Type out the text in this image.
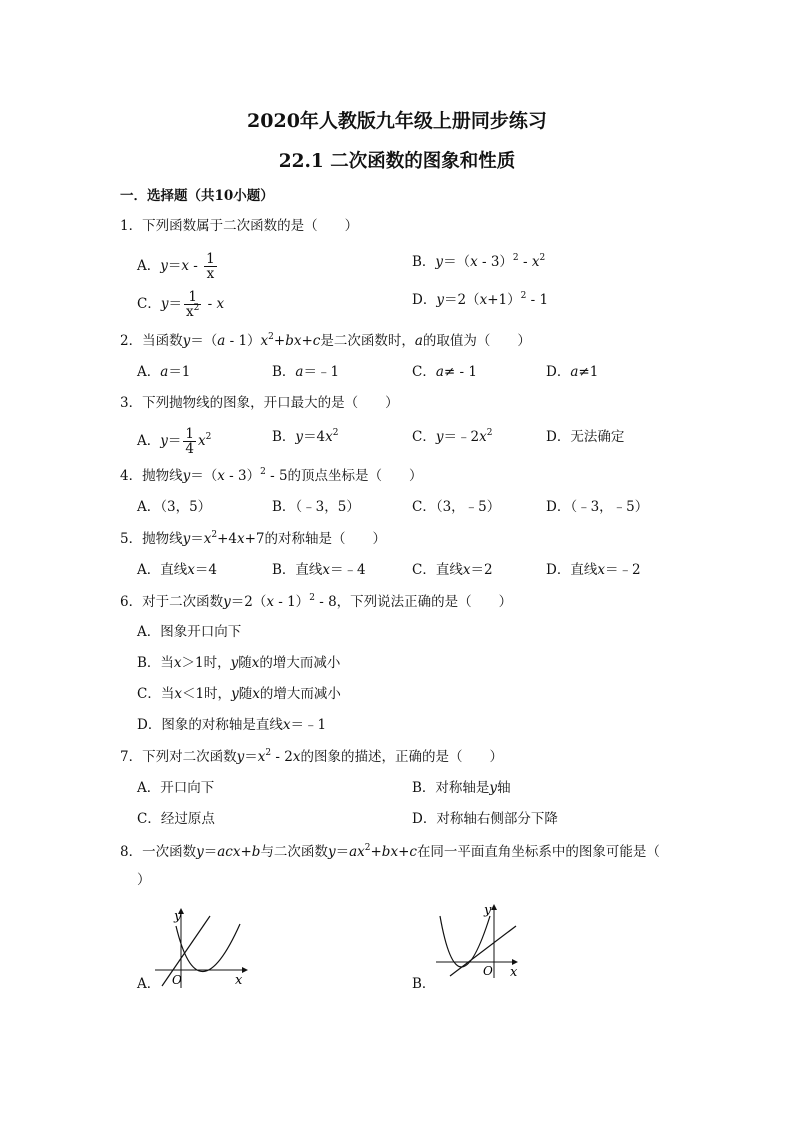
2020年人教版九年级上册同步练习
22.1 二次函数的图象和性质
一．选择题（共10小题）
1．下列函数属于二次函数的是（　　）
A．$y=x - \frac{1}{x}$	B．$y=(x - 3)^2 - x^2$
C．$y= \frac{1}{x^2} - x$	D．$y=2(x+1)^2 - 1$
2．当函数$y=(a - 1)x^2+bx+c$是二次函数时，a的取值为（　　）
A．a＝1	B．a＝﹣1	C．a≠ - 1	D．a≠1
3．下列抛物线的图象，开口最大的是（　　）
A．$y= \frac{1}{4} x^2$	B．$y=4x^2$	C．$y=﹣2x^2$	D．无法确定
4．抛物线y＝（x - 3）$^2$ - 5的顶点坐标是（　　）
A．（3，5）	B．（﹣3，5）	C．（3，﹣5）	D．（﹣3，﹣5）
5．抛物线$y=x^2+4x+7$的对称轴是（　　）
A．直线x＝4	B．直线x＝﹣4	C．直线x＝2	D．直线x＝﹣2
6．对于二次函数y＝2（x - 1）$^2$ - 8，下列说法正确的是（　　）
A．图象开口向下
B．当x＞1时，y随x的增大而减小
C．当x＜1时，y随x的增大而减小
D．图象的对称轴是直线x＝﹣1
7．下列对二次函数$y=x^2 - 2x$的图象的描述，正确的是（　　）
A．开口向下	B．对称轴是y轴
C．经过原点	D．对称轴右侧部分下降
8．一次函数y＝acx+b与二次函数$y=ax^2+bx+c$在同一平面直角坐标系中的图象可能是（
）
A．
y
x
O	B．
y
x
O
